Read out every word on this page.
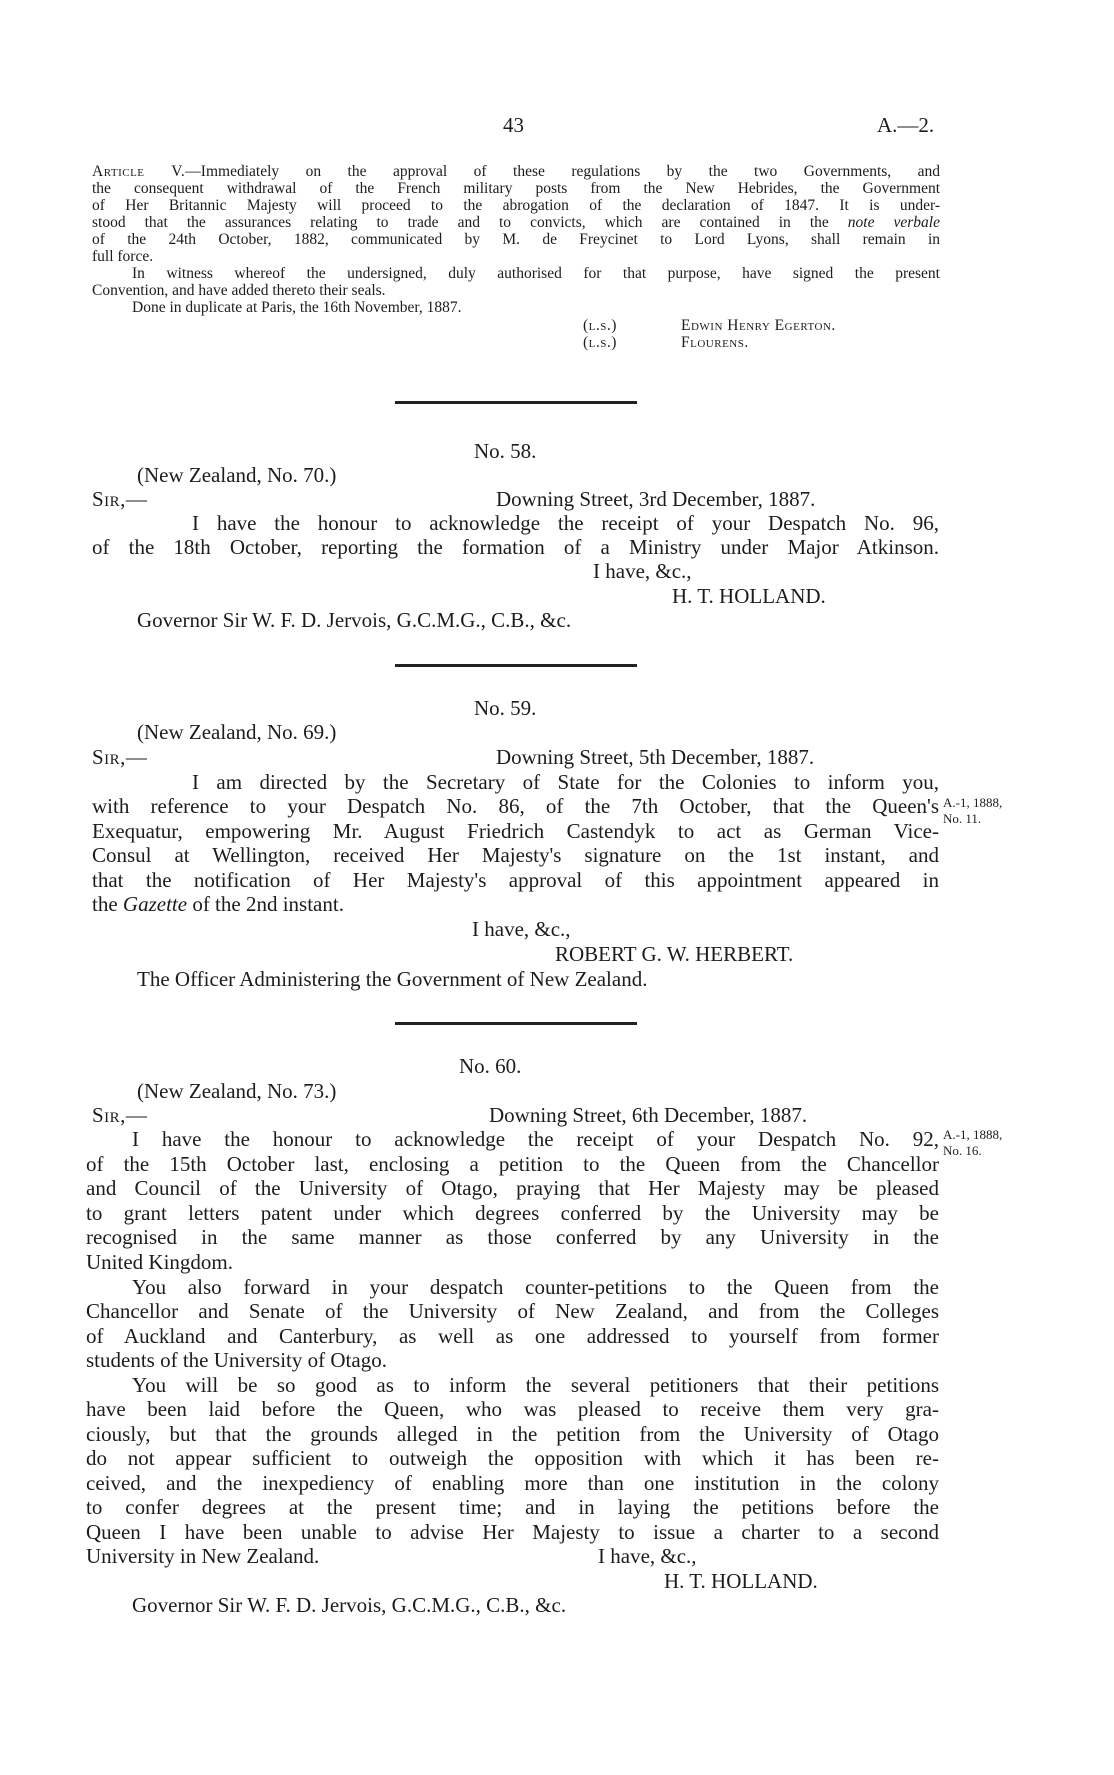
43	A.—2.
Article V.—Immediately on the approval of these regulations by the two Governments, and
the consequent withdrawal of the French military posts from the New Hebrides, the Government
of Her Britannic Majesty will proceed to the abrogation of the declaration of 1847. It is under-
stood that the assurances relating to trade and to convicts, which are contained in the note verbale
of the 24th October, 1882, communicated by M. de Freycinet to Lord Lyons, shall remain in
full force.
In witness whereof the undersigned, duly authorised for that purpose, have signed the present
Convention, and have added thereto their seals.
Done in duplicate at Paris, the 16th November, 1887.
(l.s.)	Edwin Henry Egerton.
(l.s.)	Flourens.
No. 58.
(New Zealand, No. 70.)
Sir,—	Downing Street, 3rd December, 1887.
I have the honour to acknowledge the receipt of your Despatch No. 96,
of the 18th October, reporting the formation of a Ministry under Major Atkinson.
I have, &c.,
H. T. HOLLAND.
Governor Sir W. F. D. Jervois, G.C.M.G., C.B., &c.
No. 59.
(New Zealand, No. 69.)
Sir,—	Downing Street, 5th December, 1887.
I am directed by the Secretary of State for the Colonies to inform you,
with reference to your Despatch No. 86, of the 7th October, that the Queen's
Exequatur, empowering Mr. August Friedrich Castendyk to act as German Vice-
Consul at Wellington, received Her Majesty's signature on the 1st instant, and
that the notification of Her Majesty's approval of this appointment appeared in
the Gazette of the 2nd instant.
A.-1, 1888,
No. 11.
I have, &c.,
ROBERT G. W. HERBERT.
The Officer Administering the Government of New Zealand.
No. 60.
(New Zealand, No. 73.)
Sir,—	Downing Street, 6th December, 1887.
I have the honour to acknowledge the receipt of your Despatch No. 92,
of the 15th October last, enclosing a petition to the Queen from the Chancellor
and Council of the University of Otago, praying that Her Majesty may be pleased
to grant letters patent under which degrees conferred by the University may be
recognised in the same manner as those conferred by any University in the
United Kingdom.
You also forward in your despatch counter-petitions to the Queen from the
Chancellor and Senate of the University of New Zealand, and from the Colleges
of Auckland and Canterbury, as well as one addressed to yourself from former
students of the University of Otago.
You will be so good as to inform the several petitioners that their petitions
have been laid before the Queen, who was pleased to receive them very gra-
ciously, but that the grounds alleged in the petition from the University of Otago
do not appear sufficient to outweigh the opposition with which it has been re-
ceived, and the inexpediency of enabling more than one institution in the colony
to confer degrees at the present time; and in laying the petitions before the
Queen I have been unable to advise Her Majesty to issue a charter to a second
University in New Zealand.	I have, &c.,
A.-1, 1888,
No. 16.
H. T. HOLLAND.
Governor Sir W. F. D. Jervois, G.C.M.G., C.B., &c.
